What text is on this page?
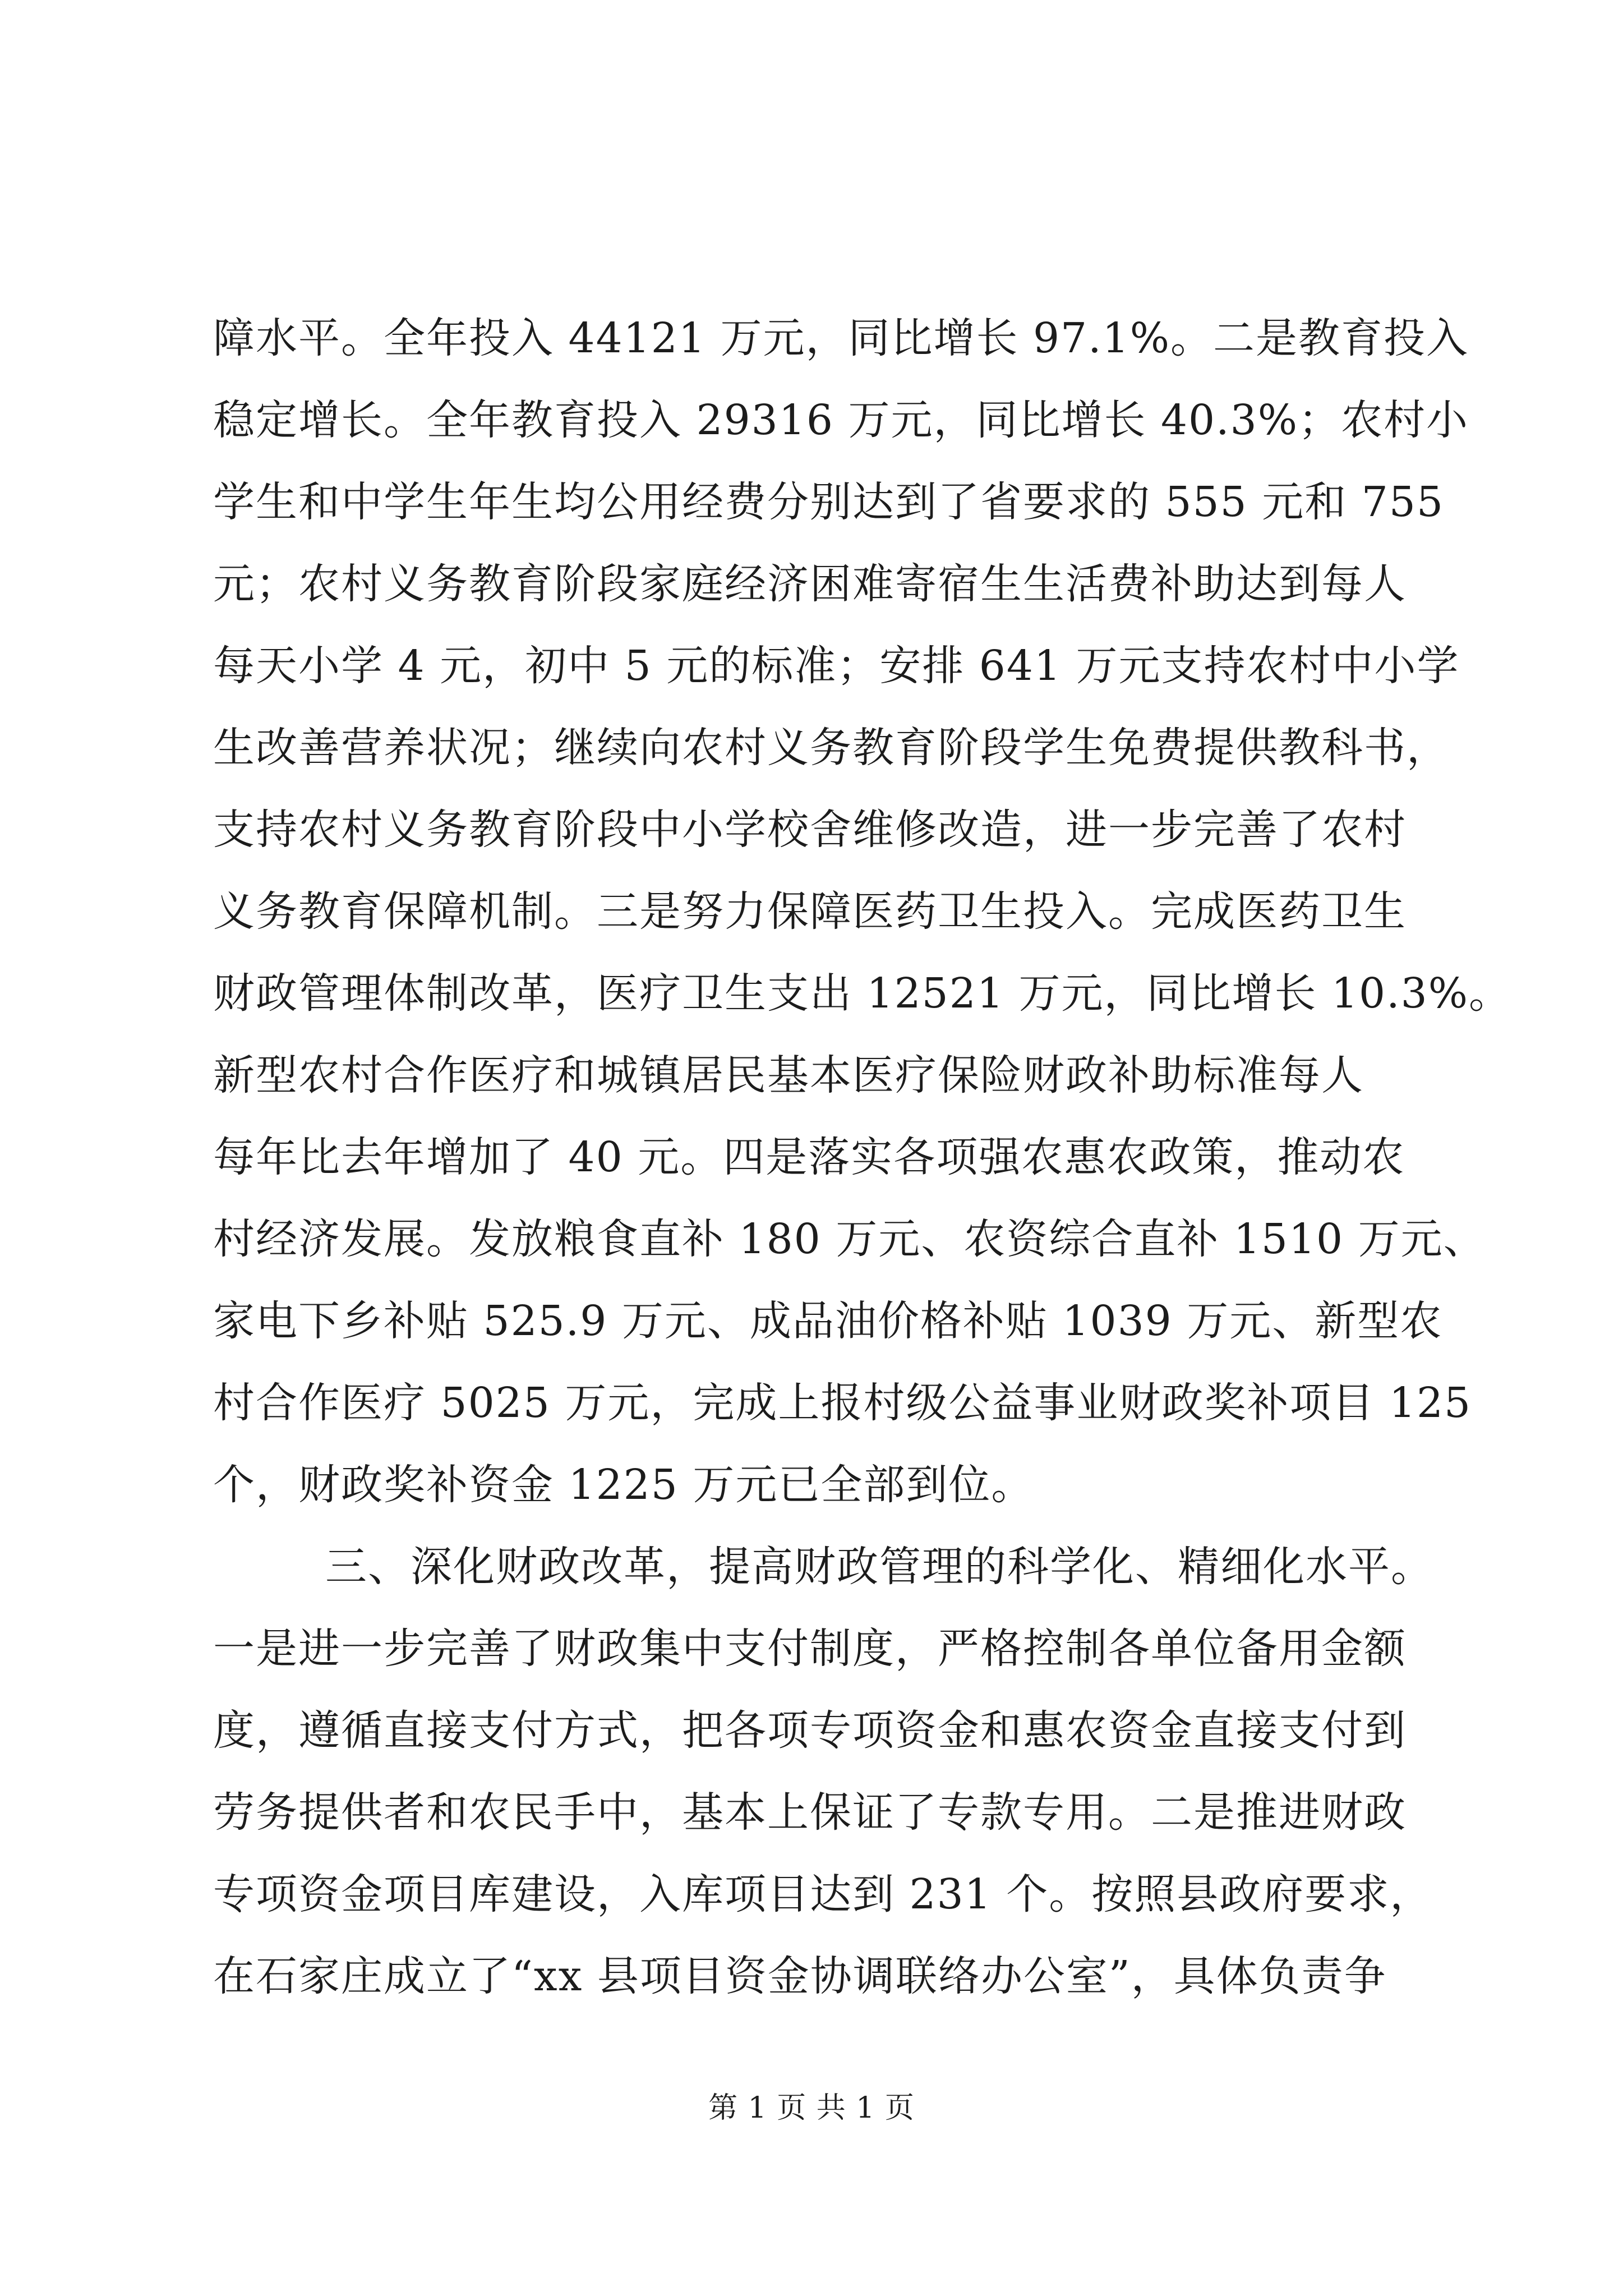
障水平。全年投入 44121 万元，同比增长 97.1%。二是教育投入
稳定增长。全年教育投入 29316 万元，同比增长 40.3%；农村小
学生和中学生年生均公用经费分别达到了省要求的 555 元和 755
元；农村义务教育阶段家庭经济困难寄宿生生活费补助达到每人
每天小学 4 元，初中 5 元的标准；安排 641 万元支持农村中小学
生改善营养状况；继续向农村义务教育阶段学生免费提供教科书，
支持农村义务教育阶段中小学校舍维修改造，进一步完善了农村
义务教育保障机制。三是努力保障医药卫生投入。完成医药卫生
财政管理体制改革，医疗卫生支出 12521 万元，同比增长 10.3%。
新型农村合作医疗和城镇居民基本医疗保险财政补助标准每人
每年比去年增加了 40 元。四是落实各项强农惠农政策，推动农
村经济发展。发放粮食直补 180 万元、农资综合直补 1510 万元、
家电下乡补贴 525.9 万元、成品油价格补贴 1039 万元、新型农
村合作医疗 5025 万元，完成上报村级公益事业财政奖补项目 125
个，财政奖补资金 1225 万元已全部到位。
三、深化财政改革，提高财政管理的科学化、精细化水平。
一是进一步完善了财政集中支付制度，严格控制各单位备用金额
度，遵循直接支付方式，把各项专项资金和惠农资金直接支付到
劳务提供者和农民手中，基本上保证了专款专用。二是推进财政
专项资金项目库建设，入库项目达到 231 个。按照县政府要求，
在石家庄成立了“xx 县项目资金协调联络办公室”，具体负责争
第 1 页 共 1 页
